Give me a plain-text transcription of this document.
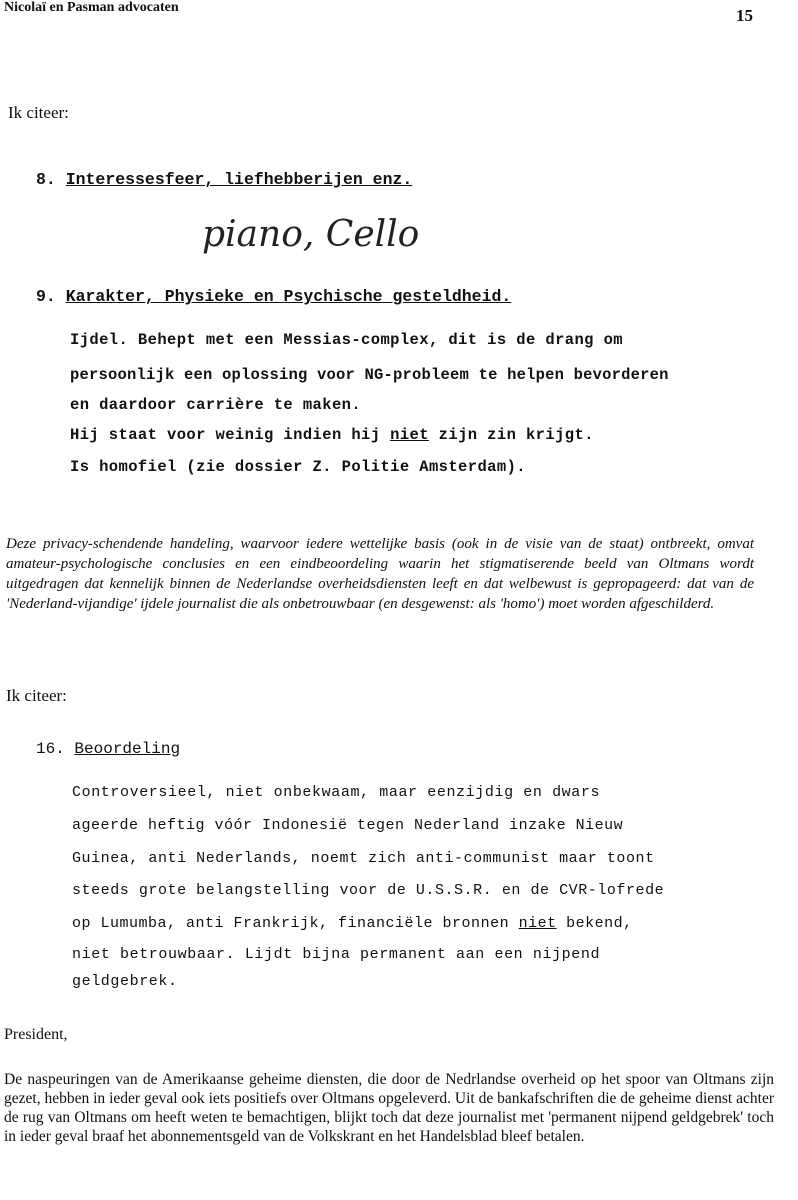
Nicolaï en Pasman advocaten	15
Ik citeer:
8. Interessesfeer, liefhebberijen enz.
piano, Cello
9. Karakter, Physieke en Psychische gesteldheid.
Ijdel. Behept met een Messias-complex, dit is de drang om
persoonlijk een oplossing voor NG-probleem te helpen bevorderen
en daardoor carrière te maken.
Hij staat voor weinig indien hij niet zijn zin krijgt.
Is homofiel (zie dossier Z. Politie Amsterdam).
Deze privacy-schendende handeling, waarvoor iedere wettelijke basis (ook in de visie van de staat) ontbreekt, omvat amateur-psychologische conclusies en een eindbeoordeling waarin het stigmatiserende beeld van Oltmans wordt uitgedragen dat kennelijk binnen de Nederlandse overheidsdiensten leeft en dat welbewust is gepropageerd: dat van de 'Nederland-vijandige' ijdele journalist die als onbetrouwbaar (en desgewenst: als 'homo') moet worden afgeschilderd.
Ik citeer:
16. Beoordeling
Controversieel, niet onbekwaam, maar eenzijdig en dwars
ageerde heftig vóór Indonesië tegen Nederland inzake Nieuw
Guinea, anti Nederlands, noemt zich anti-communist maar toont
steeds grote belangstelling voor de U.S.S.R. en de CVR-lofrede
op Lumumba, anti Frankrijk, financiële bronnen niet bekend,
niet betrouwbaar. Lijdt bijna permanent aan een nijpend
geldgebrek.
President,
De naspeuringen van de Amerikaanse geheime diensten, die door de Nedrlandse overheid op het spoor van Oltmans zijn gezet, hebben in ieder geval ook iets positiefs over Oltmans opgeleverd. Uit de bankafschriften die de geheime dienst achter de rug van Oltmans om heeft weten te bemachtigen, blijkt toch dat deze journalist met 'permanent nijpend geldgebrek' toch in ieder geval braaf het abonnementsgeld van de Volkskrant en het Handelsblad bleef betalen.
